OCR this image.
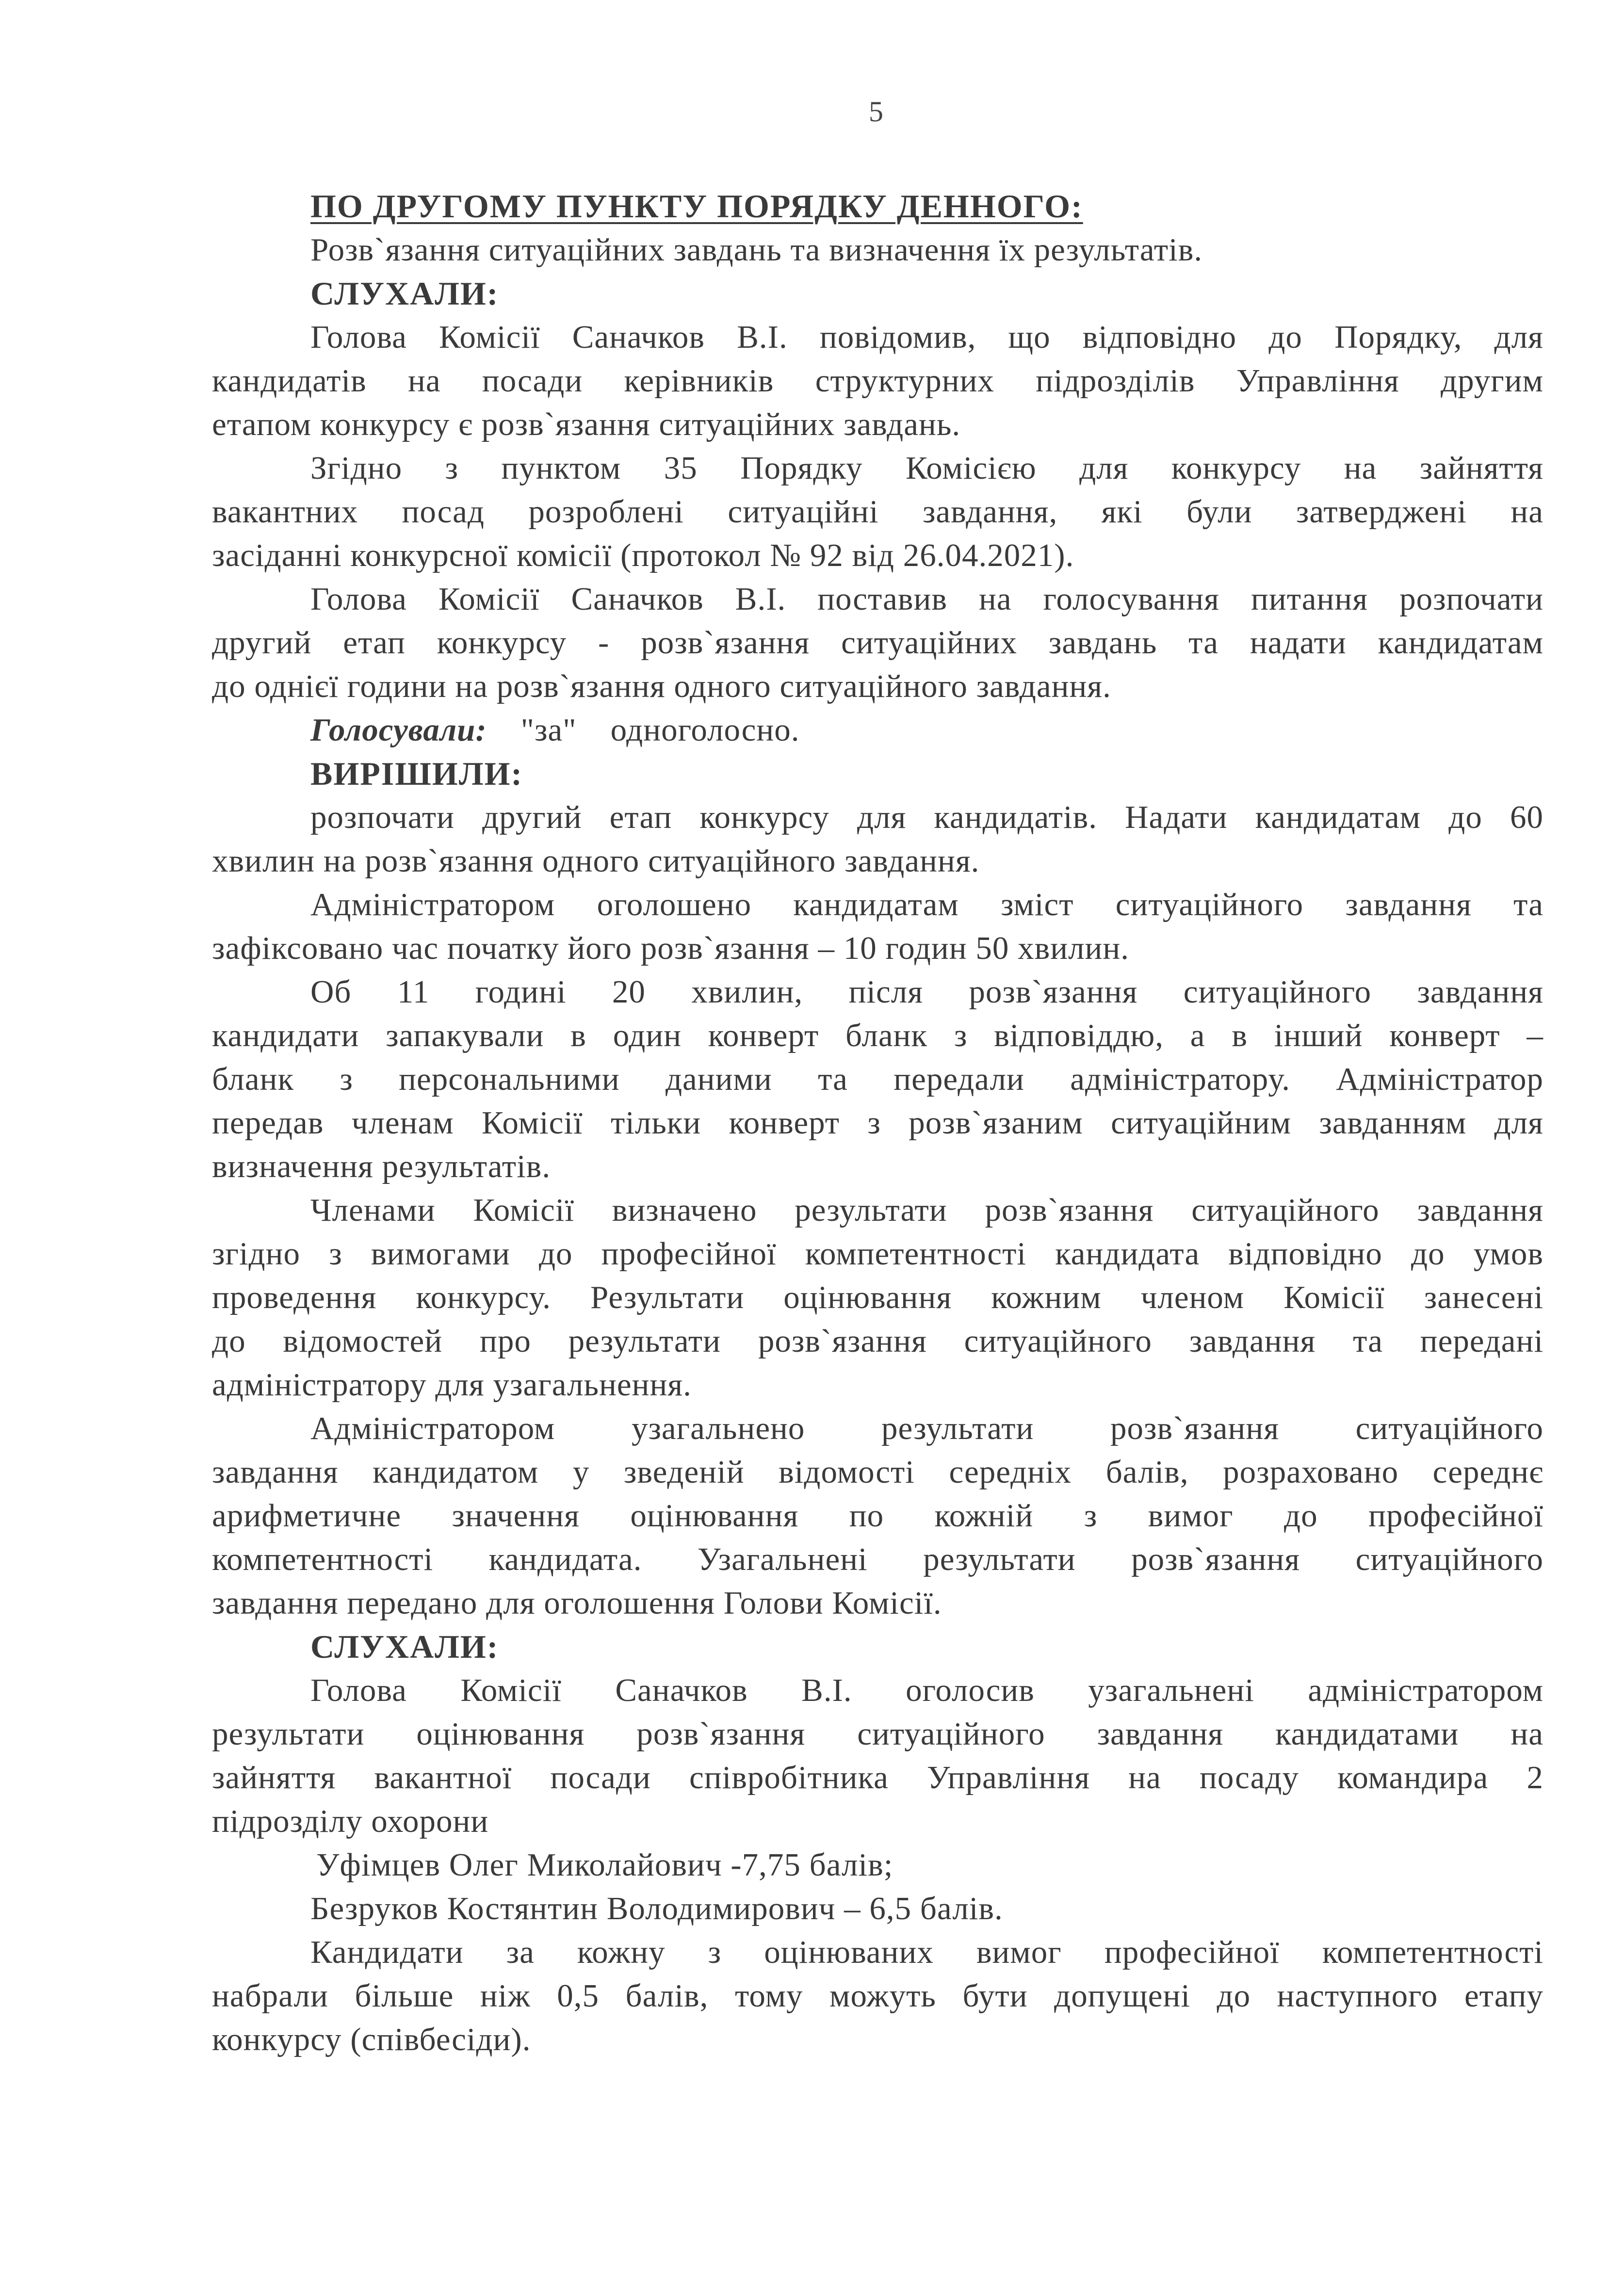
5
ПО ДРУГОМУ ПУНКТУ ПОРЯДКУ ДЕННОГО:
Розв`язання ситуаційних завдань та визначення їх результатів.
СЛУХАЛИ:
Голова Комісії Саначков В.І. повідомив, що відповідно до Порядку, для
кандидатів на посади керівників структурних підрозділів Управління другим
етапом конкурсу є розв`язання ситуаційних завдань.
Згідно з пунктом 35 Порядку Комісією для конкурсу на зайняття
вакантних посад розроблені ситуаційні завдання, які були затверджені на
засіданні конкурсної комісії (протокол № 92 від 26.04.2021).
Голова Комісії Саначков В.І. поставив на голосування питання розпочати
другий етап конкурсу - розв`язання ситуаційних завдань та надати кандидатам
до однієї години на розв`язання одного ситуаційного завдання.
Голосували: "за" одноголосно.
ВИРІШИЛИ:
розпочати другий етап конкурсу для кандидатів. Надати кандидатам до 60
хвилин на розв`язання одного ситуаційного завдання.
Адміністратором оголошено кандидатам зміст ситуаційного завдання та
зафіксовано час початку його розв`язання – 10 годин 50 хвилин.
Об 11 годині 20 хвилин, після розв`язання ситуаційного завдання
кандидати запакували в один конверт бланк з відповіддю, а в інший конверт –
бланк з персональними даними та передали адміністратору. Адміністратор
передав членам Комісії тільки конверт з розв`язаним ситуаційним завданням для
визначення результатів.
Членами Комісії визначено результати розв`язання ситуаційного завдання
згідно з вимогами до професійної компетентності кандидата відповідно до умов
проведення конкурсу. Результати оцінювання кожним членом Комісії занесені
до відомостей про результати розв`язання ситуаційного завдання та передані
адміністратору для узагальнення.
Адміністратором узагальнено результати розв`язання ситуаційного
завдання кандидатом у зведеній відомості середніх балів, розраховано середнє
арифметичне значення оцінювання по кожній з вимог до професійної
компетентності кандидата. Узагальнені результати розв`язання ситуаційного
завдання передано для оголошення Голови Комісії.
СЛУХАЛИ:
Голова Комісії Саначков В.І. оголосив узагальнені адміністратором
результати оцінювання розв`язання ситуаційного завдання кандидатами на
зайняття вакантної посади співробітника Управління на посаду командира 2
підрозділу охорони
Уфімцев Олег Миколайович -7,75 балів;
Безруков Костянтин Володимирович – 6,5 балів.
Кандидати за кожну з оцінюваних вимог професійної компетентності
набрали більше ніж 0,5 балів, тому можуть бути допущені до наступного етапу
конкурсу (співбесіди).
